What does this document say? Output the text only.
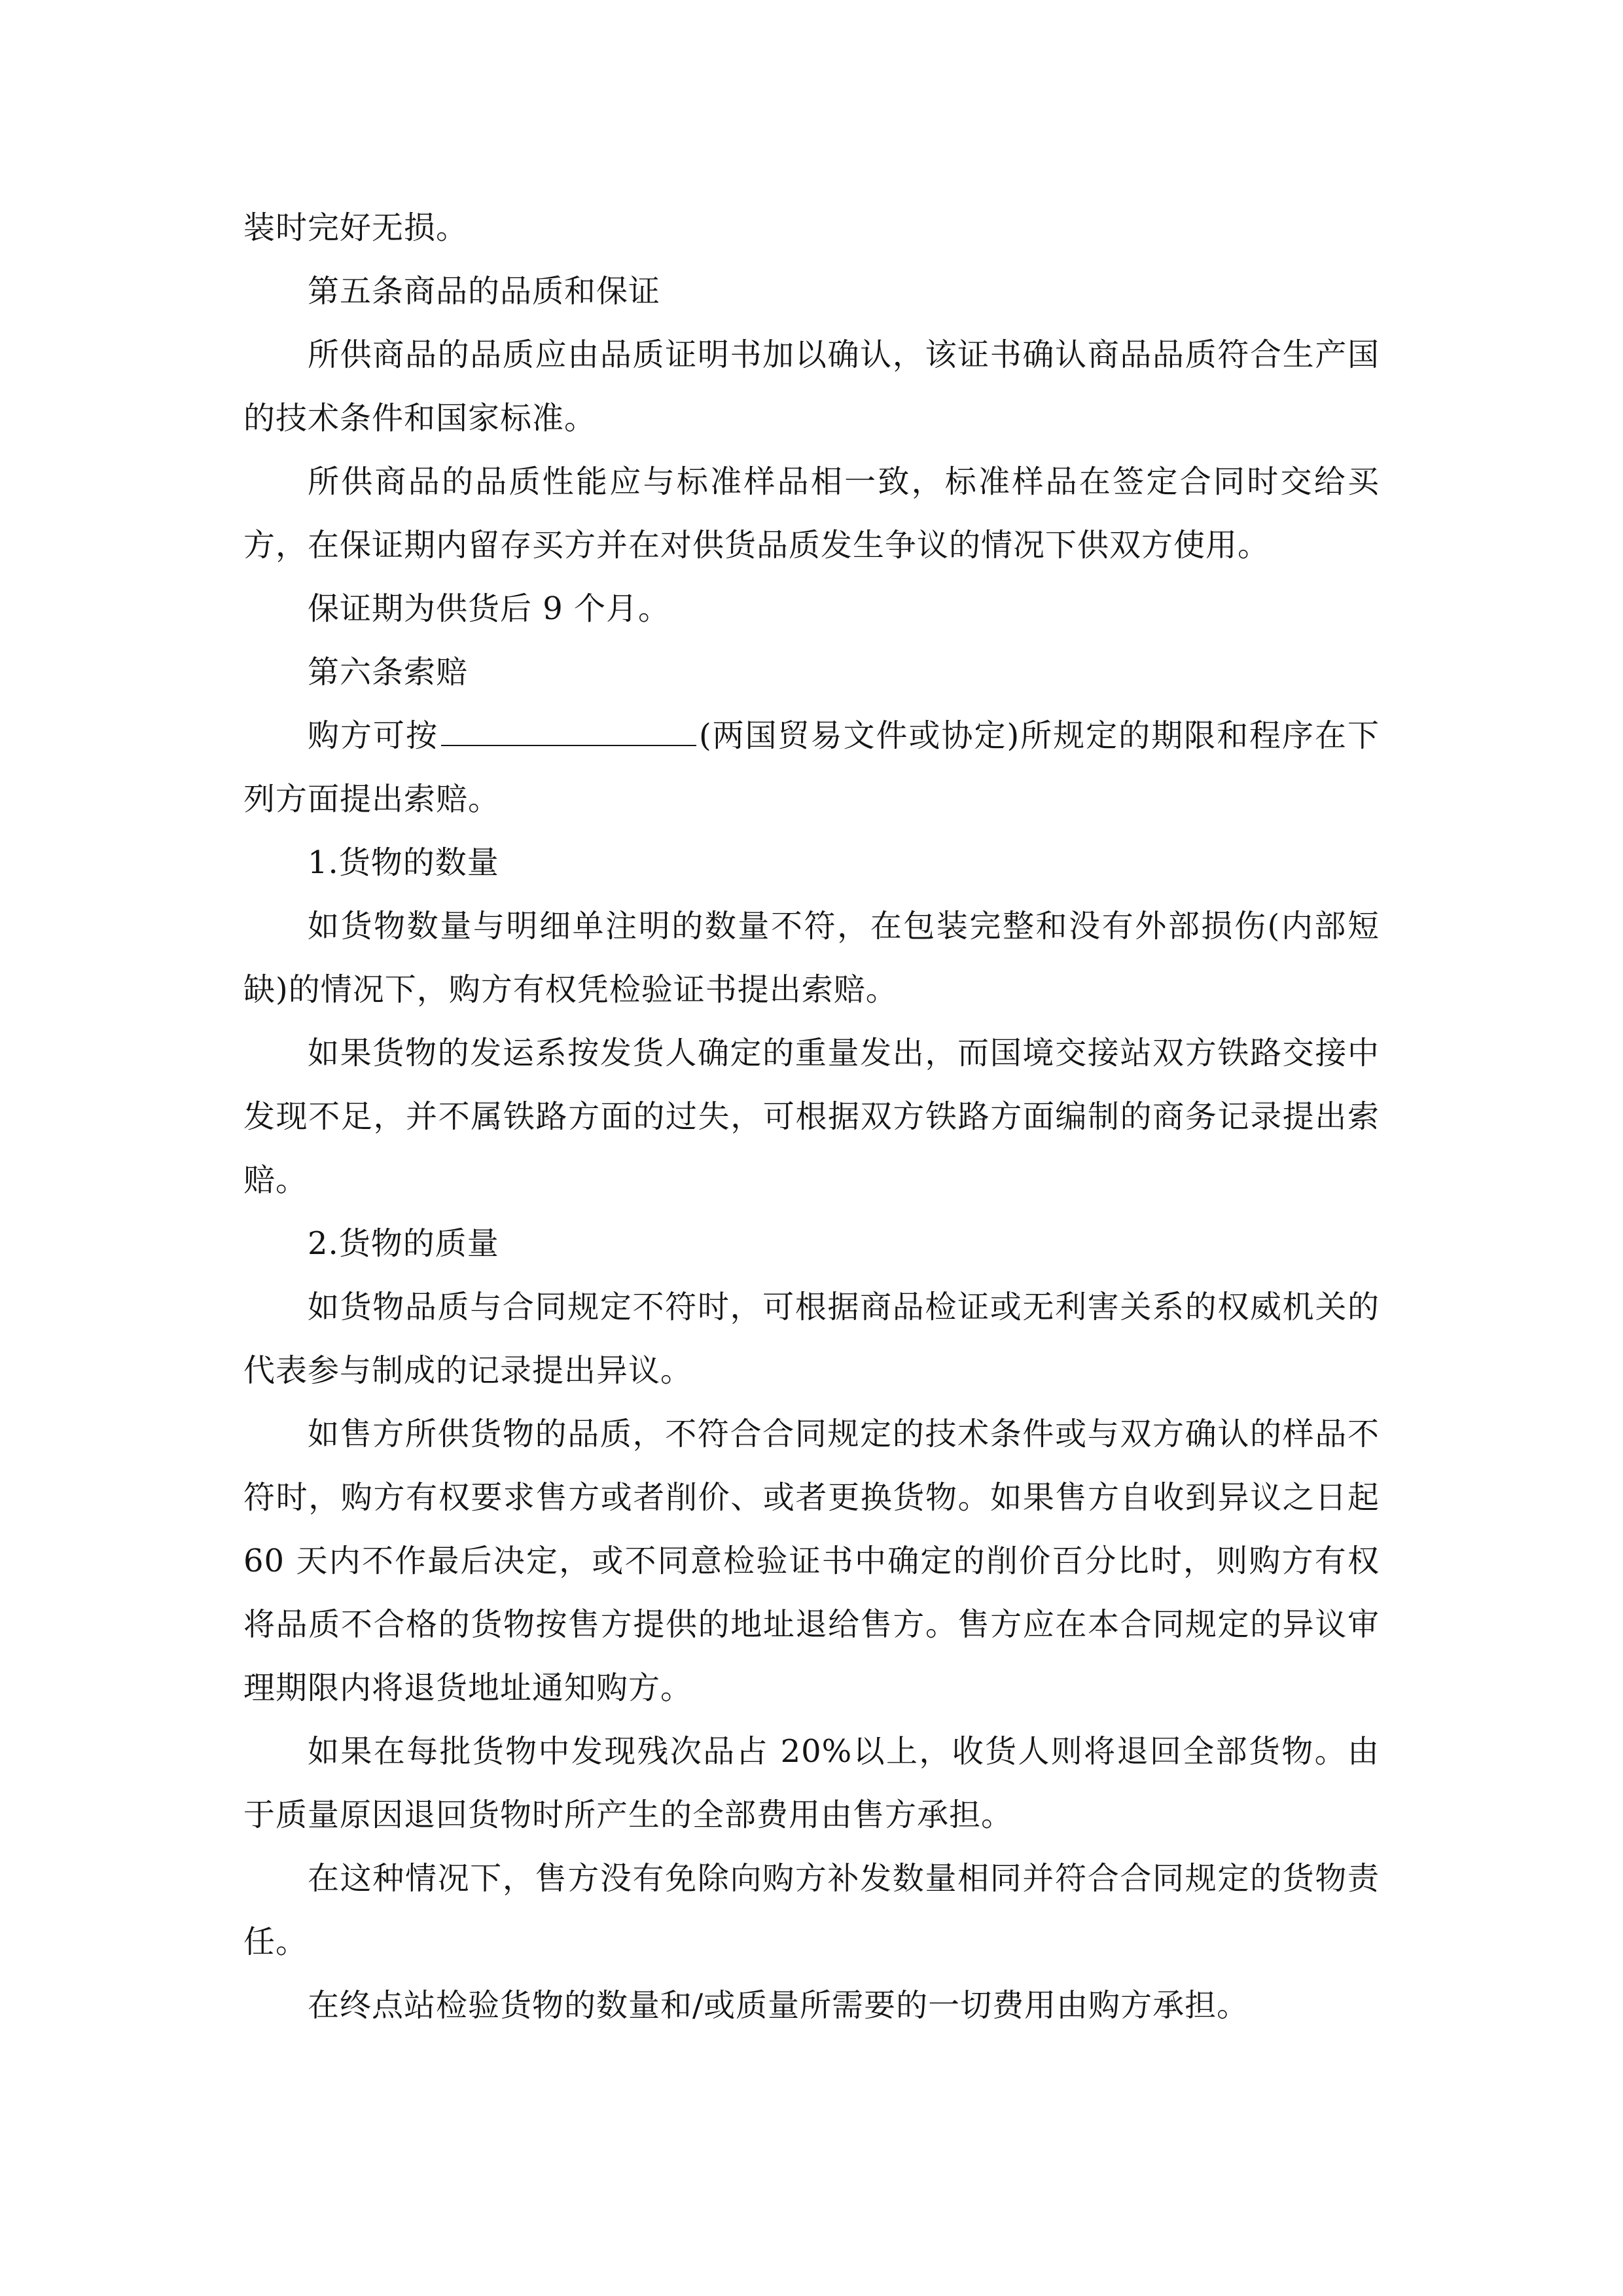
装时完好无损。

第五条商品的品质和保证

所供商品的品质应由品质证明书加以确认，该证书确认商品品质符合生产国的技术条件和国家标准。

所供商品的品质性能应与标准样品相一致，标准样品在签定合同时交给买方，在保证期内留存买方并在对供货品质发生争议的情况下供双方使用。

保证期为供货后 9 个月。

第六条索赔

购方可按	(两国贸易文件或协定)所规定的期限和程序在下列方面提出索赔。

1.货物的数量

如货物数量与明细单注明的数量不符，在包装完整和没有外部损伤(内部短缺)的情况下，购方有权凭检验证书提出索赔。

如果货物的发运系按发货人确定的重量发出，而国境交接站双方铁路交接中发现不足，并不属铁路方面的过失，可根据双方铁路方面编制的商务记录提出索赔。

2.货物的质量

如货物品质与合同规定不符时，可根据商品检证或无利害关系的权威机关的代表参与制成的记录提出异议。

如售方所供货物的品质，不符合合同规定的技术条件或与双方确认的样品不符时，购方有权要求售方或者削价、或者更换货物。如果售方自收到异议之日起 60 天内不作最后决定，或不同意检验证书中确定的削价百分比时，则购方有权将品质不合格的货物按售方提供的地址退给售方。售方应在本合同规定的异议审理期限内将退货地址通知购方。

如果在每批货物中发现残次品占 20%以上，收货人则将退回全部货物。由于质量原因退回货物时所产生的全部费用由售方承担。

在这种情况下，售方没有免除向购方补发数量相同并符合合同规定的货物责任。

在终点站检验货物的数量和/或质量所需要的一切费用由购方承担。
